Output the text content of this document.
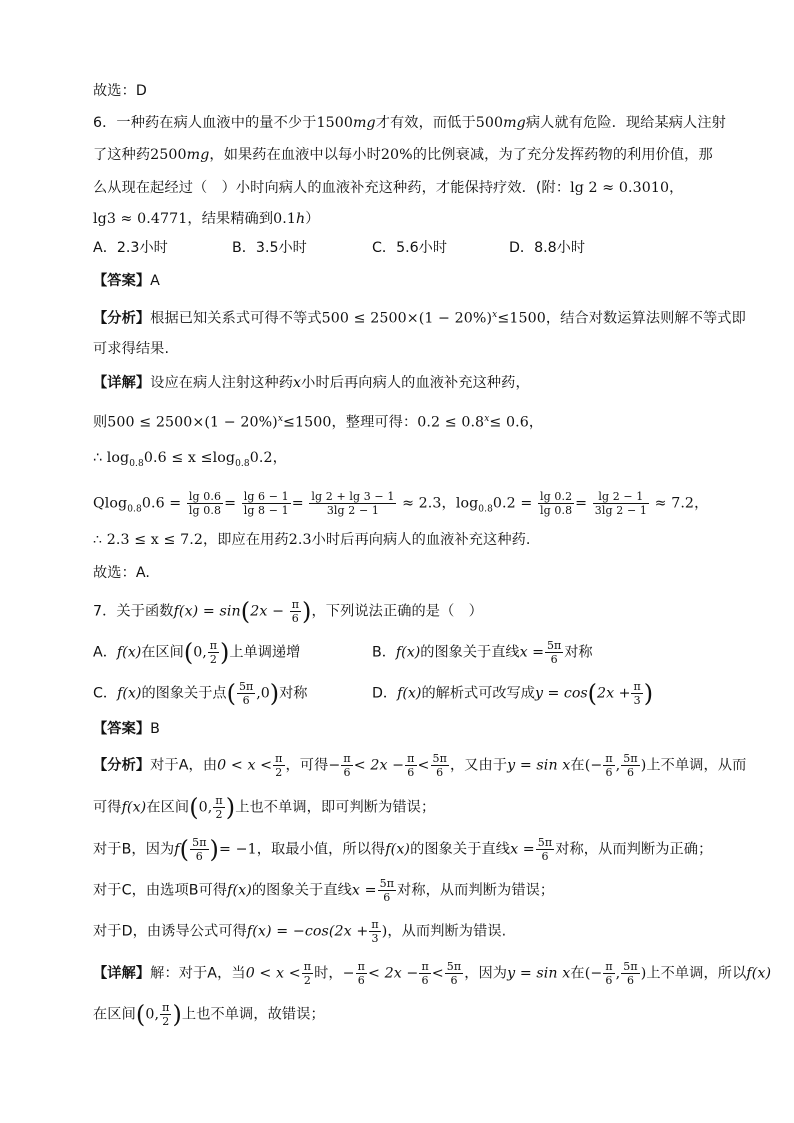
故选：D
6．一种药在病人血液中的量不少于1500mg才有效，而低于500mg病人就有危险．现给某病人注射
了这种药2500mg，如果药在血液中以每小时20%的比例衰减，为了充分发挥药物的利用价值，那
么从现在起经过（　）小时向病人的血液补充这种药，才能保持疗效．(附：lg 2 ≈ 0.3010，
lg3 ≈ 0.4771，结果精确到0.1h）
A．2.3小时	B．3.5小时	C．5.6小时	D．8.8小时
【答案】A
【分析】根据已知关系式可得不等式$500 \le 2500\times(1 - 20\%)^x\le 1500$，结合对数运算法则解不等式即
可求得结果.
【详解】设应在病人注射这种药x小时后再向病人的血液补充这种药，
则$500 \le 2500\times(1 - 20\%)^x\le 1500$，整理可得：$0.2 \le 0.8^x\le 0.6$，
∴ $\log_{0.8}0.6 \le x \le\log_{0.8}0.2$，
$Qlog_{0.8}0.6 = \frac{\lg 0.6}{\lg 0.8} = \frac{\lg 6 - 1}{\lg 8 - 1} = \frac{\lg 2 + \lg 3 - 1}{3\lg 2 - 1} \approx 2.3$，$\log_{0.8}0.2 = \frac{\lg 0.2}{\lg 0.8} = \frac{\lg 2 - 1}{3\lg 2 - 1} \approx 7.2$，
∴ 2.3 ≤ x ≤ 7.2，即应在用药2.3小时后再向病人的血液补充这种药.
故选：A.
7．关于函数$f(x) = \sin(2x - \frac{\pi}{6}$ )，下列说法正确的是（　）
A．f(x)在区间(0, $\frac{\pi}{2}$ )上单调递增	B．f(x)的图象关于直线$x = \frac{5\pi}{6}$ 对称
C．f(x)的图象关于点( $\frac{5\pi}{6} ,0$)对称	D．f(x)的解析式可改写成$y = \cos(2x + \frac{\pi}{3}$ )
【答案】B
【分析】对于A，由$0 < x < \frac{\pi}{2}$ ，可得− $\frac{\pi}{6} < 2x - \frac{\pi}{6} < \frac{5\pi}{6}$ ，又由于y = sin x在(− $\frac{\pi}{6}$ , $\frac{5\pi}{6}$ )上不单调，从而
可得f(x)在区间(0, $\frac{\pi}{2}$ )上也不单调，即可判断为错误；
对于B，因为$f( \frac{5\pi}{6}$ )= −1，取最小值，所以得f(x)的图象关于直线$x = \frac{5\pi}{6}$ 对称，从而判断为正确；
对于C，由选项B可得f(x)的图象关于直线$x = \frac{5\pi}{6}$ 对称，从而判断为错误；
对于D，由诱导公式可得$f(x) = -\cos(2x + \frac{\pi}{3}$ )，从而判断为错误.
【详解】解：对于A，当$0 < x < \frac{\pi}{2}$ 时，− $\frac{\pi}{6} < 2x - \frac{\pi}{6} < \frac{5\pi}{6}$ ，因为y = sin x在(− $\frac{\pi}{6}$ , $\frac{5\pi}{6}$ )上不单调，所以f(x)
在区间(0, $\frac{\pi}{2}$ )上也不单调，故错误；
